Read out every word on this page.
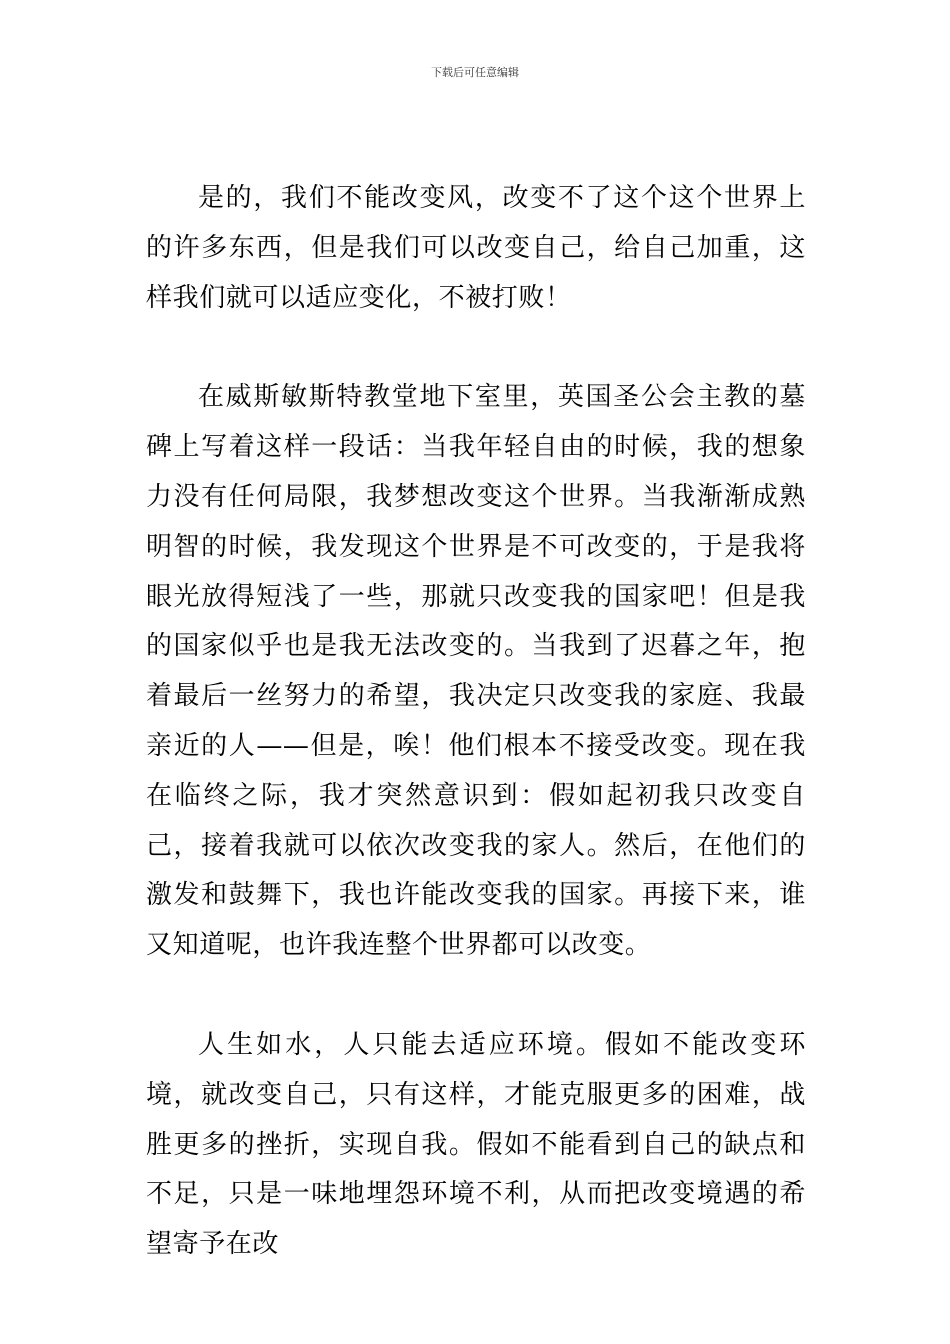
下载后可任意编辑

是的，我们不能改变风，改变不了这个这个世界上的许多东西，但是我们可以改变自己，给自己加重，这样我们就可以适应变化，不被打败！

在威斯敏斯特教堂地下室里，英国圣公会主教的墓碑上写着这样一段话：当我年轻自由的时候，我的想象力没有任何局限，我梦想改变这个世界。当我渐渐成熟明智的时候，我发现这个世界是不可改变的，于是我将眼光放得短浅了一些，那就只改变我的国家吧！但是我的国家似乎也是我无法改变的。当我到了迟暮之年，抱着最后一丝努力的希望，我决定只改变我的家庭、我最亲近的人——但是，唉！他们根本不接受改变。现在我在临终之际，我才突然意识到：假如起初我只改变自己，接着我就可以依次改变我的家人。然后，在他们的激发和鼓舞下，我也许能改变我的国家。再接下来，谁又知道呢，也许我连整个世界都可以改变。

人生如水，人只能去适应环境。假如不能改变环境，就改变自己，只有这样，才能克服更多的困难，战胜更多的挫折，实现自我。假如不能看到自己的缺点和不足，只是一味地埋怨环境不利，从而把改变境遇的希望寄予在改
